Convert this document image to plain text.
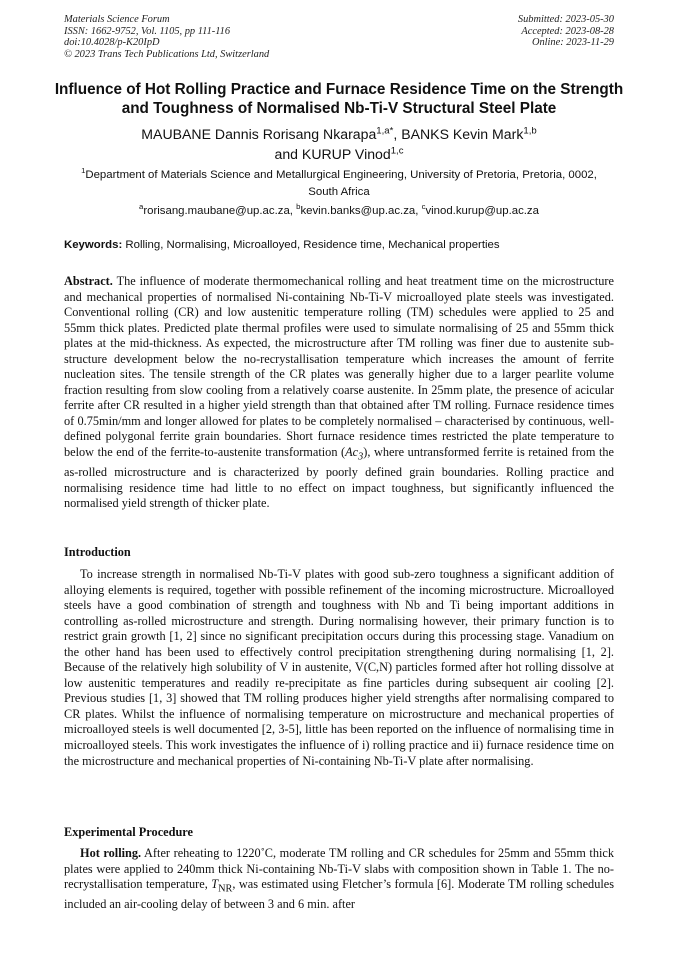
Materials Science Forum
ISSN: 1662-9752, Vol. 1105, pp 111-116
doi:10.4028/p-K20IpD
© 2023 Trans Tech Publications Ltd, Switzerland
Submitted: 2023-05-30
Accepted: 2023-08-28
Online: 2023-11-29
Influence of Hot Rolling Practice and Furnace Residence Time on the Strength and Toughness of Normalised Nb-Ti-V Structural Steel Plate
MAUBANE Dannis Rorisang Nkarapa$^{1,a*}$, BANKS Kevin Mark$^{1,b}$
and KURUP Vinod$^{1,c}$
$^1$Department of Materials Science and Metallurgical Engineering, University of Pretoria, Pretoria, 0002, South Africa
$^a$rorisang.maubane@up.ac.za, $^b$kevin.banks@up.ac.za, $^c$vinod.kurup@up.ac.za
Keywords: Rolling, Normalising, Microalloyed, Residence time, Mechanical properties
Abstract. The influence of moderate thermomechanical rolling and heat treatment time on the microstructure and mechanical properties of normalised Ni-containing Nb-Ti-V microalloyed plate steels was investigated. Conventional rolling (CR) and low austenitic temperature rolling (TM) schedules were applied to 25 and 55mm thick plates. Predicted plate thermal profiles were used to simulate normalising of 25 and 55mm thick plates at the mid-thickness. As expected, the microstructure after TM rolling was finer due to austenite sub-structure development below the no-recrystallisation temperature which increases the amount of ferrite nucleation sites. The tensile strength of the CR plates was generally higher due to a larger pearlite volume fraction resulting from slow cooling from a relatively coarse austenite. In 25mm plate, the presence of acicular ferrite after CR resulted in a higher yield strength than that obtained after TM rolling. Furnace residence times of 0.75min/mm and longer allowed for plates to be completely normalised – characterised by continuous, well-defined polygonal ferrite grain boundaries. Short furnace residence times restricted the plate temperature to below the end of the ferrite-to-austenite transformation $(Ac_3)$, where untransformed ferrite is retained from the as-rolled microstructure and is characterized by poorly defined grain boundaries. Rolling practice and normalising residence time had little to no effect on impact toughness, but significantly influenced the normalised yield strength of thicker plate.
Introduction
To increase strength in normalised Nb-Ti-V plates with good sub-zero toughness a significant addition of alloying elements is required, together with possible refinement of the incoming microstructure. Microalloyed steels have a good combination of strength and toughness with Nb and Ti being important additions in controlling as-rolled microstructure and strength. During normalising however, their primary function is to restrict grain growth [1, 2] since no significant precipitation occurs during this processing stage. Vanadium on the other hand has been used to effectively control precipitation strengthening during normalising [1, 2]. Because of the relatively high solubility of V in austenite, V(C,N) particles formed after hot rolling dissolve at low austenitic temperatures and readily re-precipitate as fine particles during subsequent air cooling [2]. Previous studies [1, 3] showed that TM rolling produces higher yield strengths after normalising compared to CR plates. Whilst the influence of normalising temperature on microstructure and mechanical properties of microalloyed steels is well documented [2, 3-5], little has been reported on the influence of normalising time in microalloyed steels. This work investigates the influence of i) rolling practice and ii) furnace residence time on the microstructure and mechanical properties of Ni-containing Nb-Ti-V plate after normalising.
Experimental Procedure
Hot rolling. After reheating to 1220˚C, moderate TM rolling and CR schedules for 25mm and 55mm thick plates were applied to 240mm thick Ni-containing Nb-Ti-V slabs with composition shown in Table 1. The no-recrystallisation temperature, $T_{NR}$, was estimated using Fletcher’s formula [6]. Moderate TM rolling schedules included an air-cooling delay of between 3 and 6 min. after
